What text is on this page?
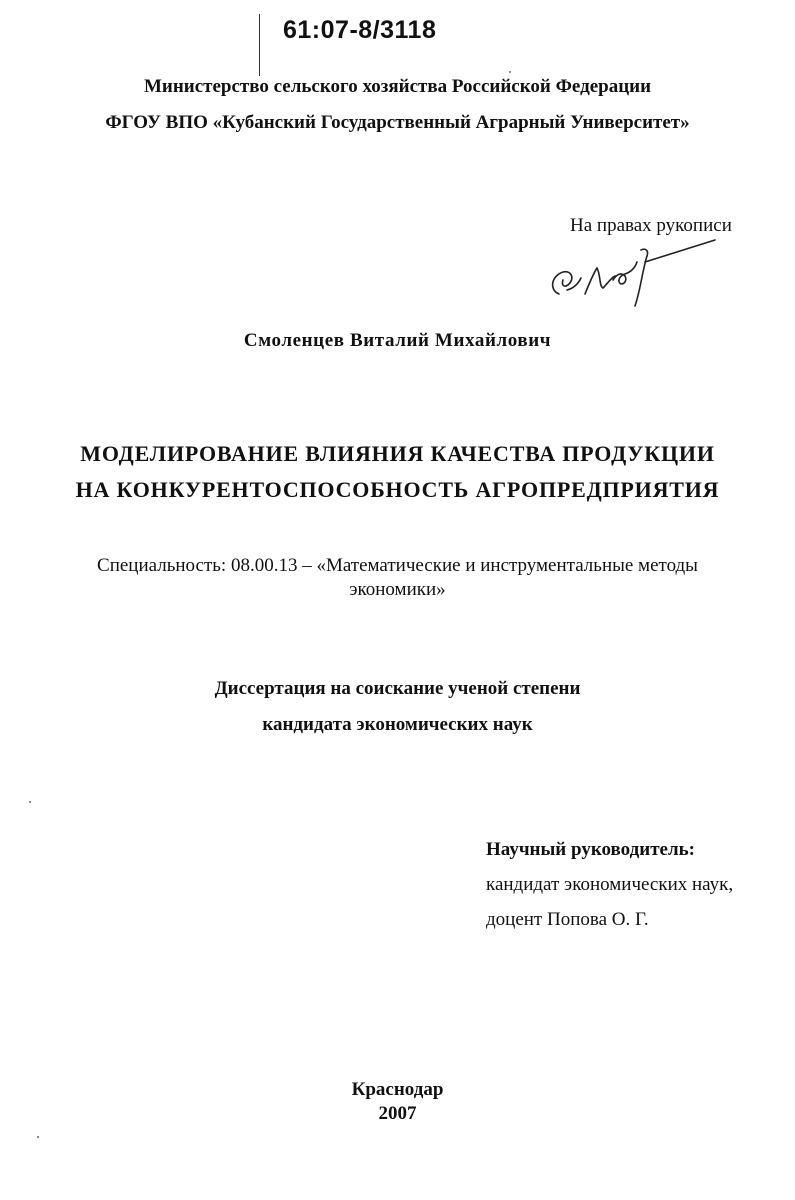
61:07-8/3118
Министерство сельского хозяйства Российской Федерации
ФГОУ ВПО «Кубанский Государственный Аграрный Университет»
На правах рукописи
Смоленцев Виталий Михайлович
МОДЕЛИРОВАНИЕ ВЛИЯНИЯ КАЧЕСТВА ПРОДУКЦИИ
НА КОНКУРЕНТОСПОСОБНОСТЬ АГРОПРЕДПРИЯТИЯ
Специальность: 08.00.13 – «Математические и инструментальные методы
экономики»
Диссертация на соискание ученой степени
кандидата экономических наук
Научный руководитель:
кандидат экономических наук,
доцент Попова О. Г.
Краснодар
2007
